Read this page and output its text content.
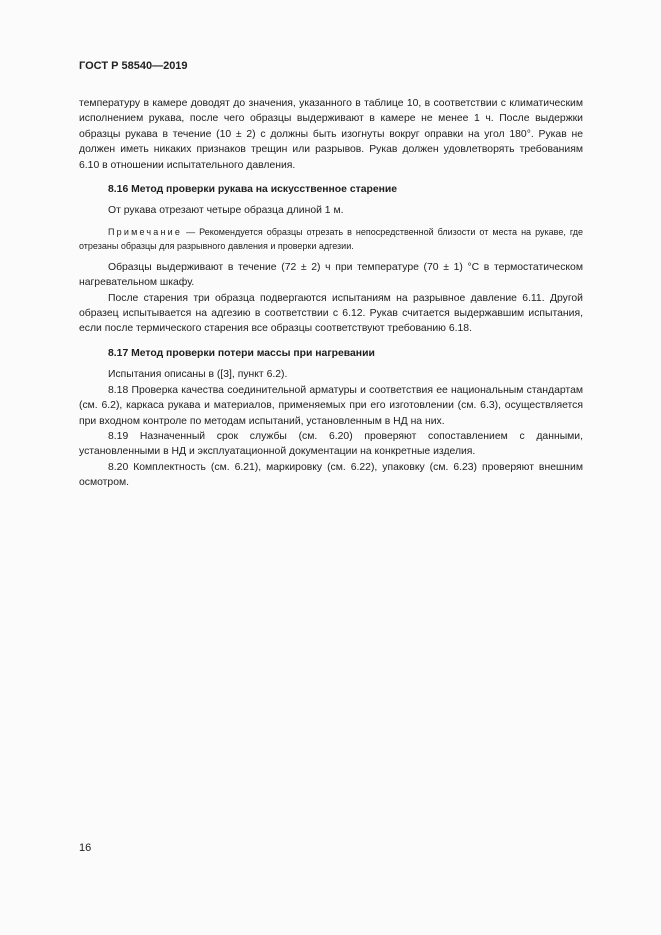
ГОСТ Р 58540—2019

температуру в камере доводят до значения, указанного в таблице 10, в соответствии с климатическим исполнением рукава, после чего образцы выдерживают в камере не менее 1 ч. После выдержки образцы рукава в течение (10 ± 2) с должны быть изогнуты вокруг оправки на угол 180°. Рукав не должен иметь никаких признаков трещин или разрывов. Рукав должен удовлетворять требованиям 6.10 в отношении испытательного давления.

8.16 Метод проверки рукава на искусственное старение

От рукава отрезают четыре образца длиной 1 м.

Примечание — Рекомендуется образцы отрезать в непосредственной близости от места на рукаве, где отрезаны образцы для разрывного давления и проверки адгезии.

Образцы выдерживают в течение (72 ± 2) ч при температуре (70 ± 1) °С в термостатическом нагревательном шкафу.

После старения три образца подвергаются испытаниям на разрывное давление 6.11. Другой образец испытывается на адгезию в соответствии с 6.12. Рукав считается выдержавшим испытания, если после термического старения все образцы соответствуют требованию 6.18.

8.17 Метод проверки потери массы при нагревании

Испытания описаны в ([3], пункт 6.2).

8.18 Проверка качества соединительной арматуры и соответствия ее национальным стандартам (см. 6.2), каркаса рукава и материалов, применяемых при его изготовлении (см. 6.3), осуществляется при входном контроле по методам испытаний, установленным в НД на них.

8.19 Назначенный срок службы (см. 6.20) проверяют сопоставлением с данными, установленными в НД и эксплуатационной документации на конкретные изделия.

8.20 Комплектность (см. 6.21), маркировку (см. 6.22), упаковку (см. 6.23) проверяют внешним осмотром.

16
